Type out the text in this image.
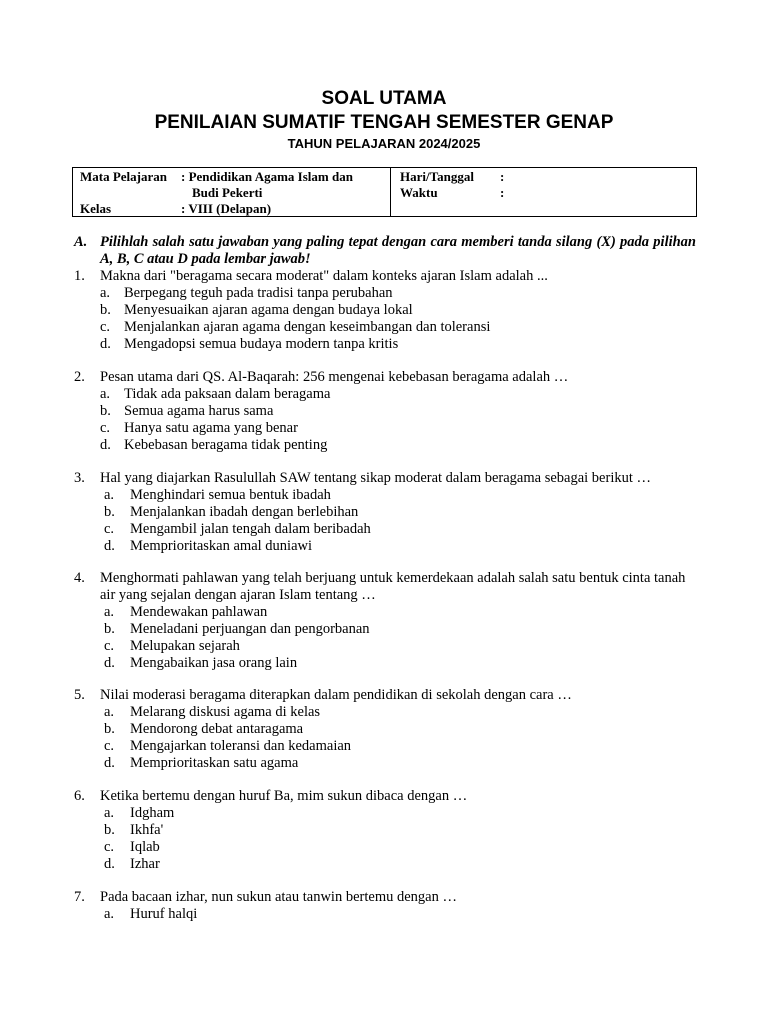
SOAL UTAMA
PENILAIAN SUMATIF TENGAH SEMESTER GENAP
TAHUN PELAJARAN 2024/2025
Mata Pelajaran : Pendidikan Agama Islam dan
Budi Pekerti
Kelas	: VIII (Delapan)
Hari/Tanggal :
Waktu	:
A. Pilihlah salah satu jawaban yang paling tepat dengan cara memberi tanda silang (X) pada pilihan A, B, C atau D pada lembar jawab!
1. Makna dari "beragama secara moderat" dalam konteks ajaran Islam adalah ...
a. Berpegang teguh pada tradisi tanpa perubahan
b. Menyesuaikan ajaran agama dengan budaya lokal
c. Menjalankan ajaran agama dengan keseimbangan dan toleransi
d. Mengadopsi semua budaya modern tanpa kritis
2. Pesan utama dari QS. Al-Baqarah: 256 mengenai kebebasan beragama adalah …
a. Tidak ada paksaan dalam beragama
b. Semua agama harus sama
c. Hanya satu agama yang benar
d. Kebebasan beragama tidak penting
3. Hal yang diajarkan Rasulullah SAW tentang sikap moderat dalam beragama sebagai berikut …
a. Menghindari semua bentuk ibadah
b. Menjalankan ibadah dengan berlebihan
c. Mengambil jalan tengah dalam beribadah
d. Memprioritaskan amal duniawi
4. Menghormati pahlawan yang telah berjuang untuk kemerdekaan adalah salah satu bentuk cinta tanah air yang sejalan dengan ajaran Islam tentang …
a. Mendewakan pahlawan
b. Meneladani perjuangan dan pengorbanan
c. Melupakan sejarah
d. Mengabaikan jasa orang lain
5. Nilai moderasi beragama diterapkan dalam pendidikan di sekolah dengan cara …
a. Melarang diskusi agama di kelas
b. Mendorong debat antaragama
c. Mengajarkan toleransi dan kedamaian
d. Memprioritaskan satu agama
6. Ketika bertemu dengan huruf Ba, mim sukun dibaca dengan …
a. Idgham
b. Ikhfa'
c. Iqlab
d. Izhar
7. Pada bacaan izhar, nun sukun atau tanwin bertemu dengan …
a. Huruf halqi
